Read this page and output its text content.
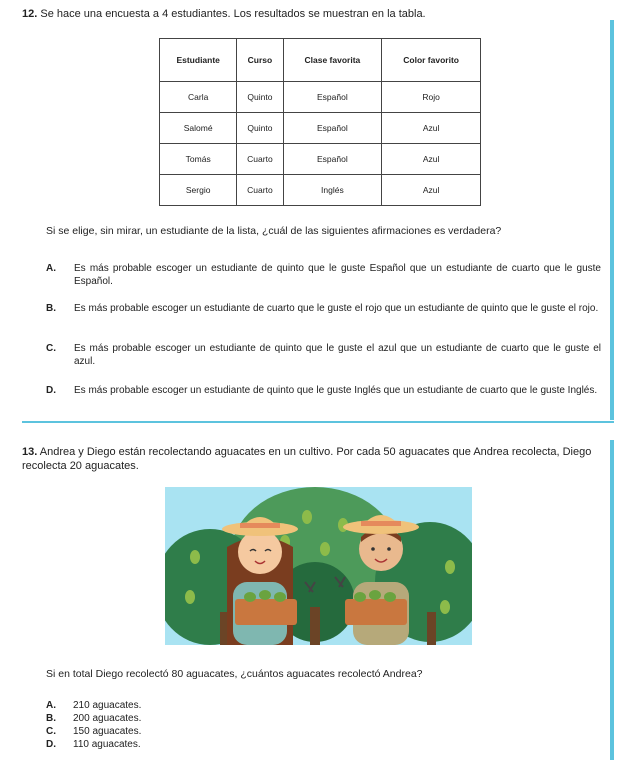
12. Se hace una encuesta a 4 estudiantes. Los resultados se muestran en la tabla.
Estudiante	Curso	Clase favorita	Color favorito
Carla	Quinto	Español	Rojo
Salomé	Quinto	Español	Azul
Tomás	Cuarto	Español	Azul
Sergio	Cuarto	Inglés	Azul
Si se elige, sin mirar, un estudiante de la lista, ¿cuál de las siguientes afirmaciones es verdadera?
A. Es más probable escoger un estudiante de quinto que le guste Español que un estudiante de cuarto que le guste Español.
B. Es más probable escoger un estudiante de cuarto que le guste el rojo que un estudiante de quinto que le guste el rojo.
C. Es más probable escoger un estudiante de quinto que le guste el azul que un estudiante de cuarto que le guste el azul.
D. Es más probable escoger un estudiante de quinto que le guste Inglés que un estudiante de cuarto que le guste Inglés.
13. Andrea y Diego están recolectando aguacates en un cultivo. Por cada 50 aguacates que Andrea recolecta, Diego recolecta 20 aguacates.
Si en total Diego recolectó 80 aguacates, ¿cuántos aguacates recolectó Andrea?
A. 210 aguacates.
B. 200 aguacates.
C. 150 aguacates.
D. 110 aguacates.
